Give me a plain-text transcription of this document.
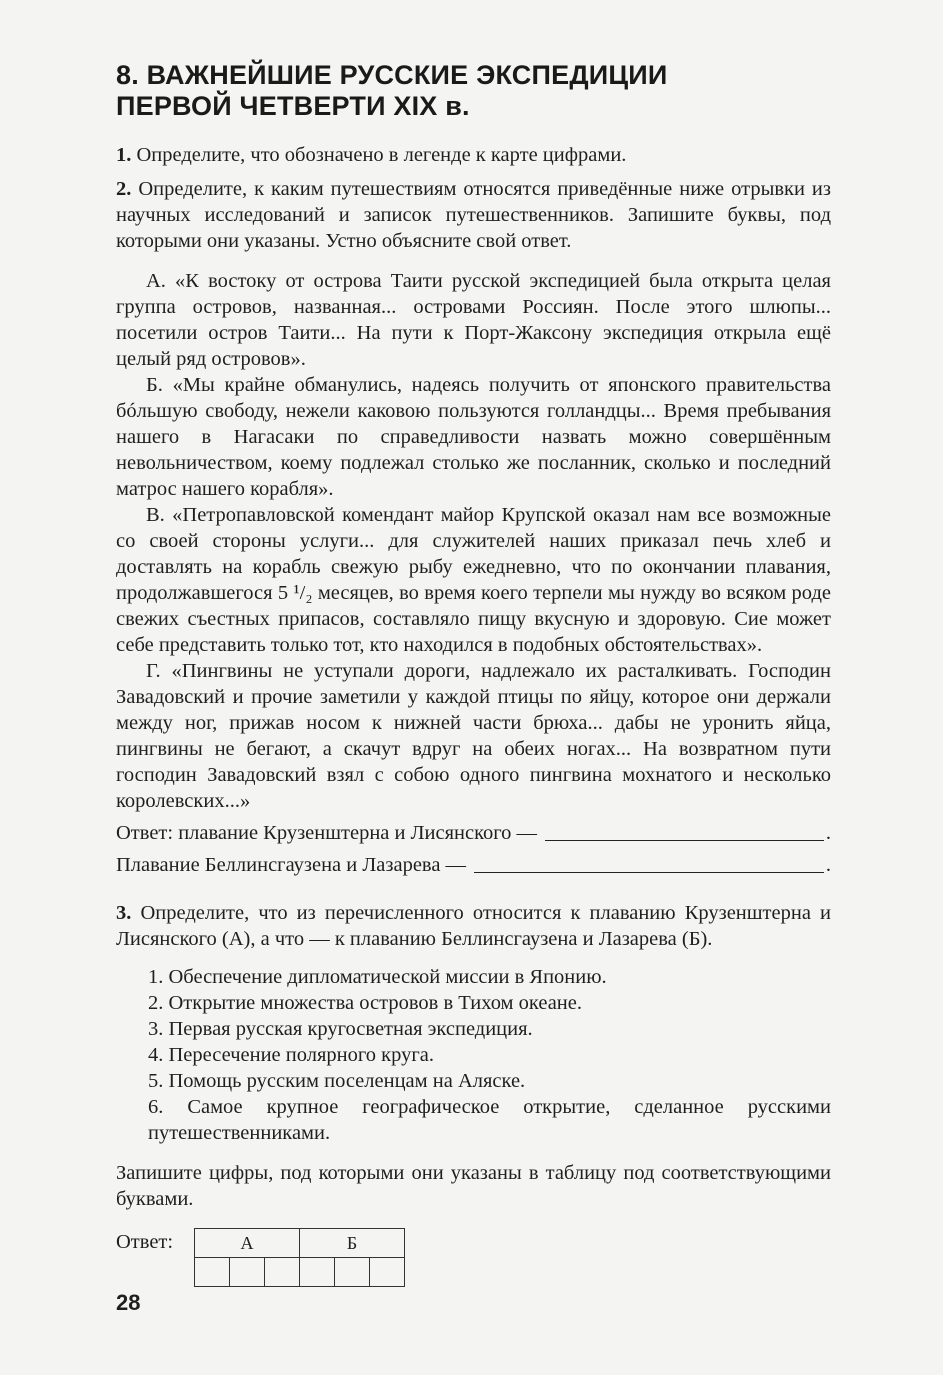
8. ВАЖНЕЙШИЕ РУССКИЕ ЭКСПЕДИЦИИ
ПЕРВОЙ ЧЕТВЕРТИ XIX в.

1. Определите, что обозначено в легенде к карте цифрами.

2. Определите, к каким путешествиям относятся приведённые ниже отрывки из научных исследований и записок путешественников. Запишите буквы, под которыми они указаны. Устно объясните свой ответ.

А. «К востоку от острова Таити русской экспедицией была открыта целая группа островов, названная... островами Россиян. После этого шлюпы... посетили остров Таити... На пути к Порт-Жаксону экспедиция открыла ещё целый ряд островов».

Б. «Мы крайне обманулись, надеясь получить от японского правительства бóльшую свободу, нежели каковою пользуются голландцы... Время пребывания нашего в Нагасаки по справедливости назвать можно совершённым невольничеством, коему подлежал столько же посланник, сколько и последний матрос нашего корабля».

В. «Петропавловской комендант майор Крупской оказал нам все возможные со своей стороны услуги... для служителей наших приказал печь хлеб и доставлять на корабль свежую рыбу ежедневно, что по окончании плавания, продолжавшегося 5 ¹/₂ месяцев, во время коего терпели мы нужду во всяком роде свежих съестных припасов, составляло пищу вкусную и здоровую. Сие может себе представить только тот, кто находился в подобных обстоятельствах».

Г. «Пингвины не уступали дороги, надлежало их расталкивать. Господин Завадовский и прочие заметили у каждой птицы по яйцу, которое они держали между ног, прижав носом к нижней части брюха... дабы не уронить яйца, пингвины не бегают, а скачут вдруг на обеих ногах... На возвратном пути господин Завадовский взял с собою одного пингвина мохнатого и несколько королевских...»

Ответ: плавание Крузенштерна и Лисянского —	.
Плавание Беллинсгаузена и Лазарева —	.

3. Определите, что из перечисленного относится к плаванию Крузенштерна и Лисянского (А), а что — к плаванию Беллинсгаузена и Лазарева (Б).

1. Обеспечение дипломатической миссии в Японию.
2. Открытие множества островов в Тихом океане.
3. Первая русская кругосветная экспедиция.
4. Пересечение полярного круга.
5. Помощь русским поселенцам на Аляске.
6. Самое крупное географическое открытие, сделанное русскими путешественниками.

Запишите цифры, под которыми они указаны в таблицу под соответствующими буквами.

Ответ:	А			Б		

28
